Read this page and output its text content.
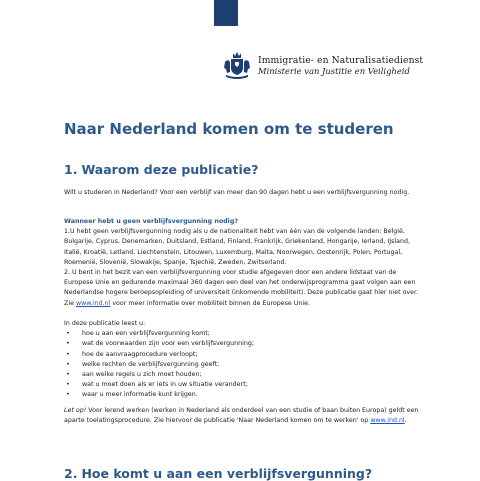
Immigratie- en Naturalisatiedienst
Ministerie van Justitie en Veiligheid
Naar Nederland komen om te studeren
1. Waarom deze publicatie?

Wilt u studeren in Nederland? Voor een verblijf van meer dan 90 dagen hebt u een verblijfsvergunning nodig.

Wanneer hebt u geen verblijfsvergunning nodig?

1.U hebt geen verblijfsvergunning nodig als u de nationaliteit hebt van één van de volgende landen: België, Bulgarije, Cyprus, Denemarken, Duitsland, Estland, Finland, Frankrijk, Griekenland, Hongarije, Ierland, IJsland, Italië, Kroatië, Letland, Liechtenstein, Litouwen, Luxemburg, Malta, Noorwegen, Oostenrijk, Polen, Portugal, Roemenië, Slovenië, Slowakije, Spanje, Tsjechië, Zweden, Zwitserland.

2. U bent in het bezit van een verblijfsvergunning voor studie afgegeven door een andere lidstaat van de Europese Unie en gedurende maximaal 360 dagen een deel van het onderwijsprogramma gaat volgen aan een Nederlandse hogere beroepsopleiding of universiteit (inkomende mobiliteit). Deze publicatie gaat hier niet over. Zie www.ind.nl voor meer informatie over mobiliteit binnen de Europese Unie.

In deze publicatie leest u:

• hoe u aan een verblijfsvergunning komt;
• wat de voorwaarden zijn voor een verblijfsvergunning;
• hoe de aanvraagprocedure verloopt;
• welke rechten de verblijfsvergunning geeft;
• aan welke regels u zich moet houden;
• wat u moet doen als er iets in uw situatie verandert;
• waar u meer informatie kunt krijgen.

Let op! Voor lerend werken (werken in Nederland als onderdeel van een studie of baan buiten Europa) geldt een aparte toelatingsprocedure. Zie hiervoor de publicatie 'Naar Nederland komen om te werken' op www.ind.nl.

2. Hoe komt u aan een verblijfsvergunning?
